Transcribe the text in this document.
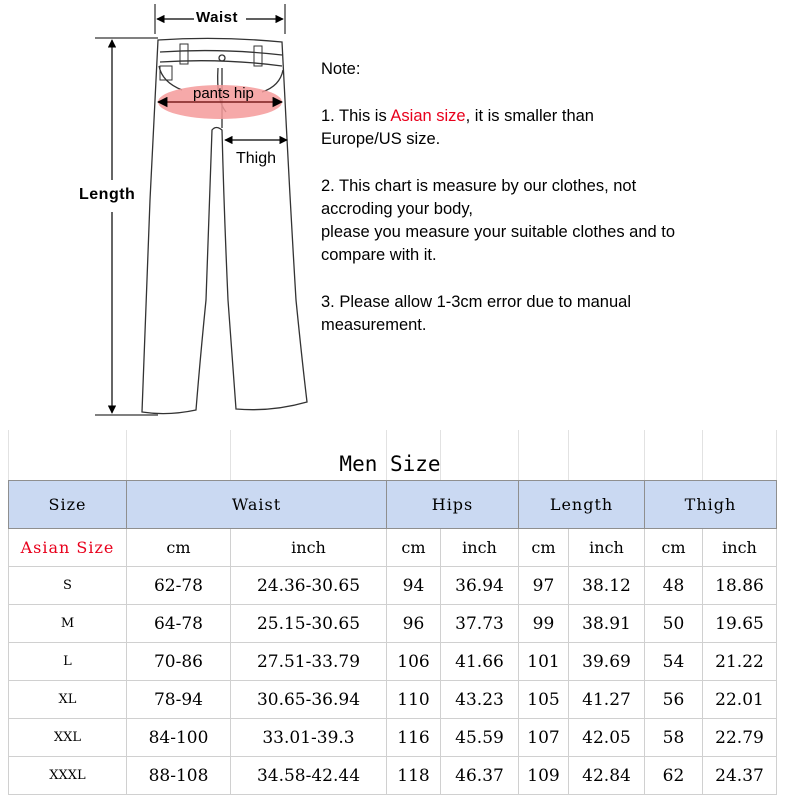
Waist
Length
pants hip
Thigh

Note:

1. This is Asian size, it is smaller than
Europe/US size.

2. This chart is measure by our clothes, not
accroding your body,
please you measure your suitable clothes and to
compare with it.

3. Please allow 1-3cm error due to manual
measurement.

Men Size
Size	Waist		Hips		Length		Thigh	
Asian Size	cm	inch	cm	inch	cm	inch	cm	inch
S	62-78	24.36-30.65	94	36.94	97	38.12	48	18.86
M	64-78	25.15-30.65	96	37.73	99	38.91	50	19.65
L	70-86	27.51-33.79	106	41.66	101	39.69	54	21.22
XL	78-94	30.65-36.94	110	43.23	105	41.27	56	22.01
XXL	84-100	33.01-39.3	116	45.59	107	42.05	58	22.79
XXXL	88-108	34.58-42.44	118	46.37	109	42.84	62	24.37
